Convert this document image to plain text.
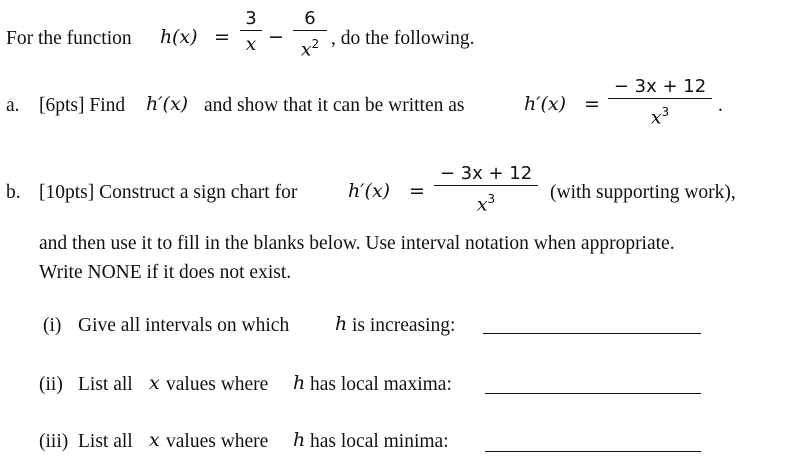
For the function h (x) =
3
x −
6
$x^2$ , do the following.
a. [6pts] Find h′(x) and show that it can be written as	h′(x) =
− 3x + 12
$x^3$	.
b. [10pts] Construct a sign chart for	h′(x) =
− 3x + 12
$x^3$	(with supporting work),
and then use it to fill in the blanks below. Use interval notation when appropriate.
Write NONE if it does not exist.
(i) Give all intervals on which h is increasing:
(ii) List all x values where h has local maxima:
(iii) List all x values where h has local minima:
